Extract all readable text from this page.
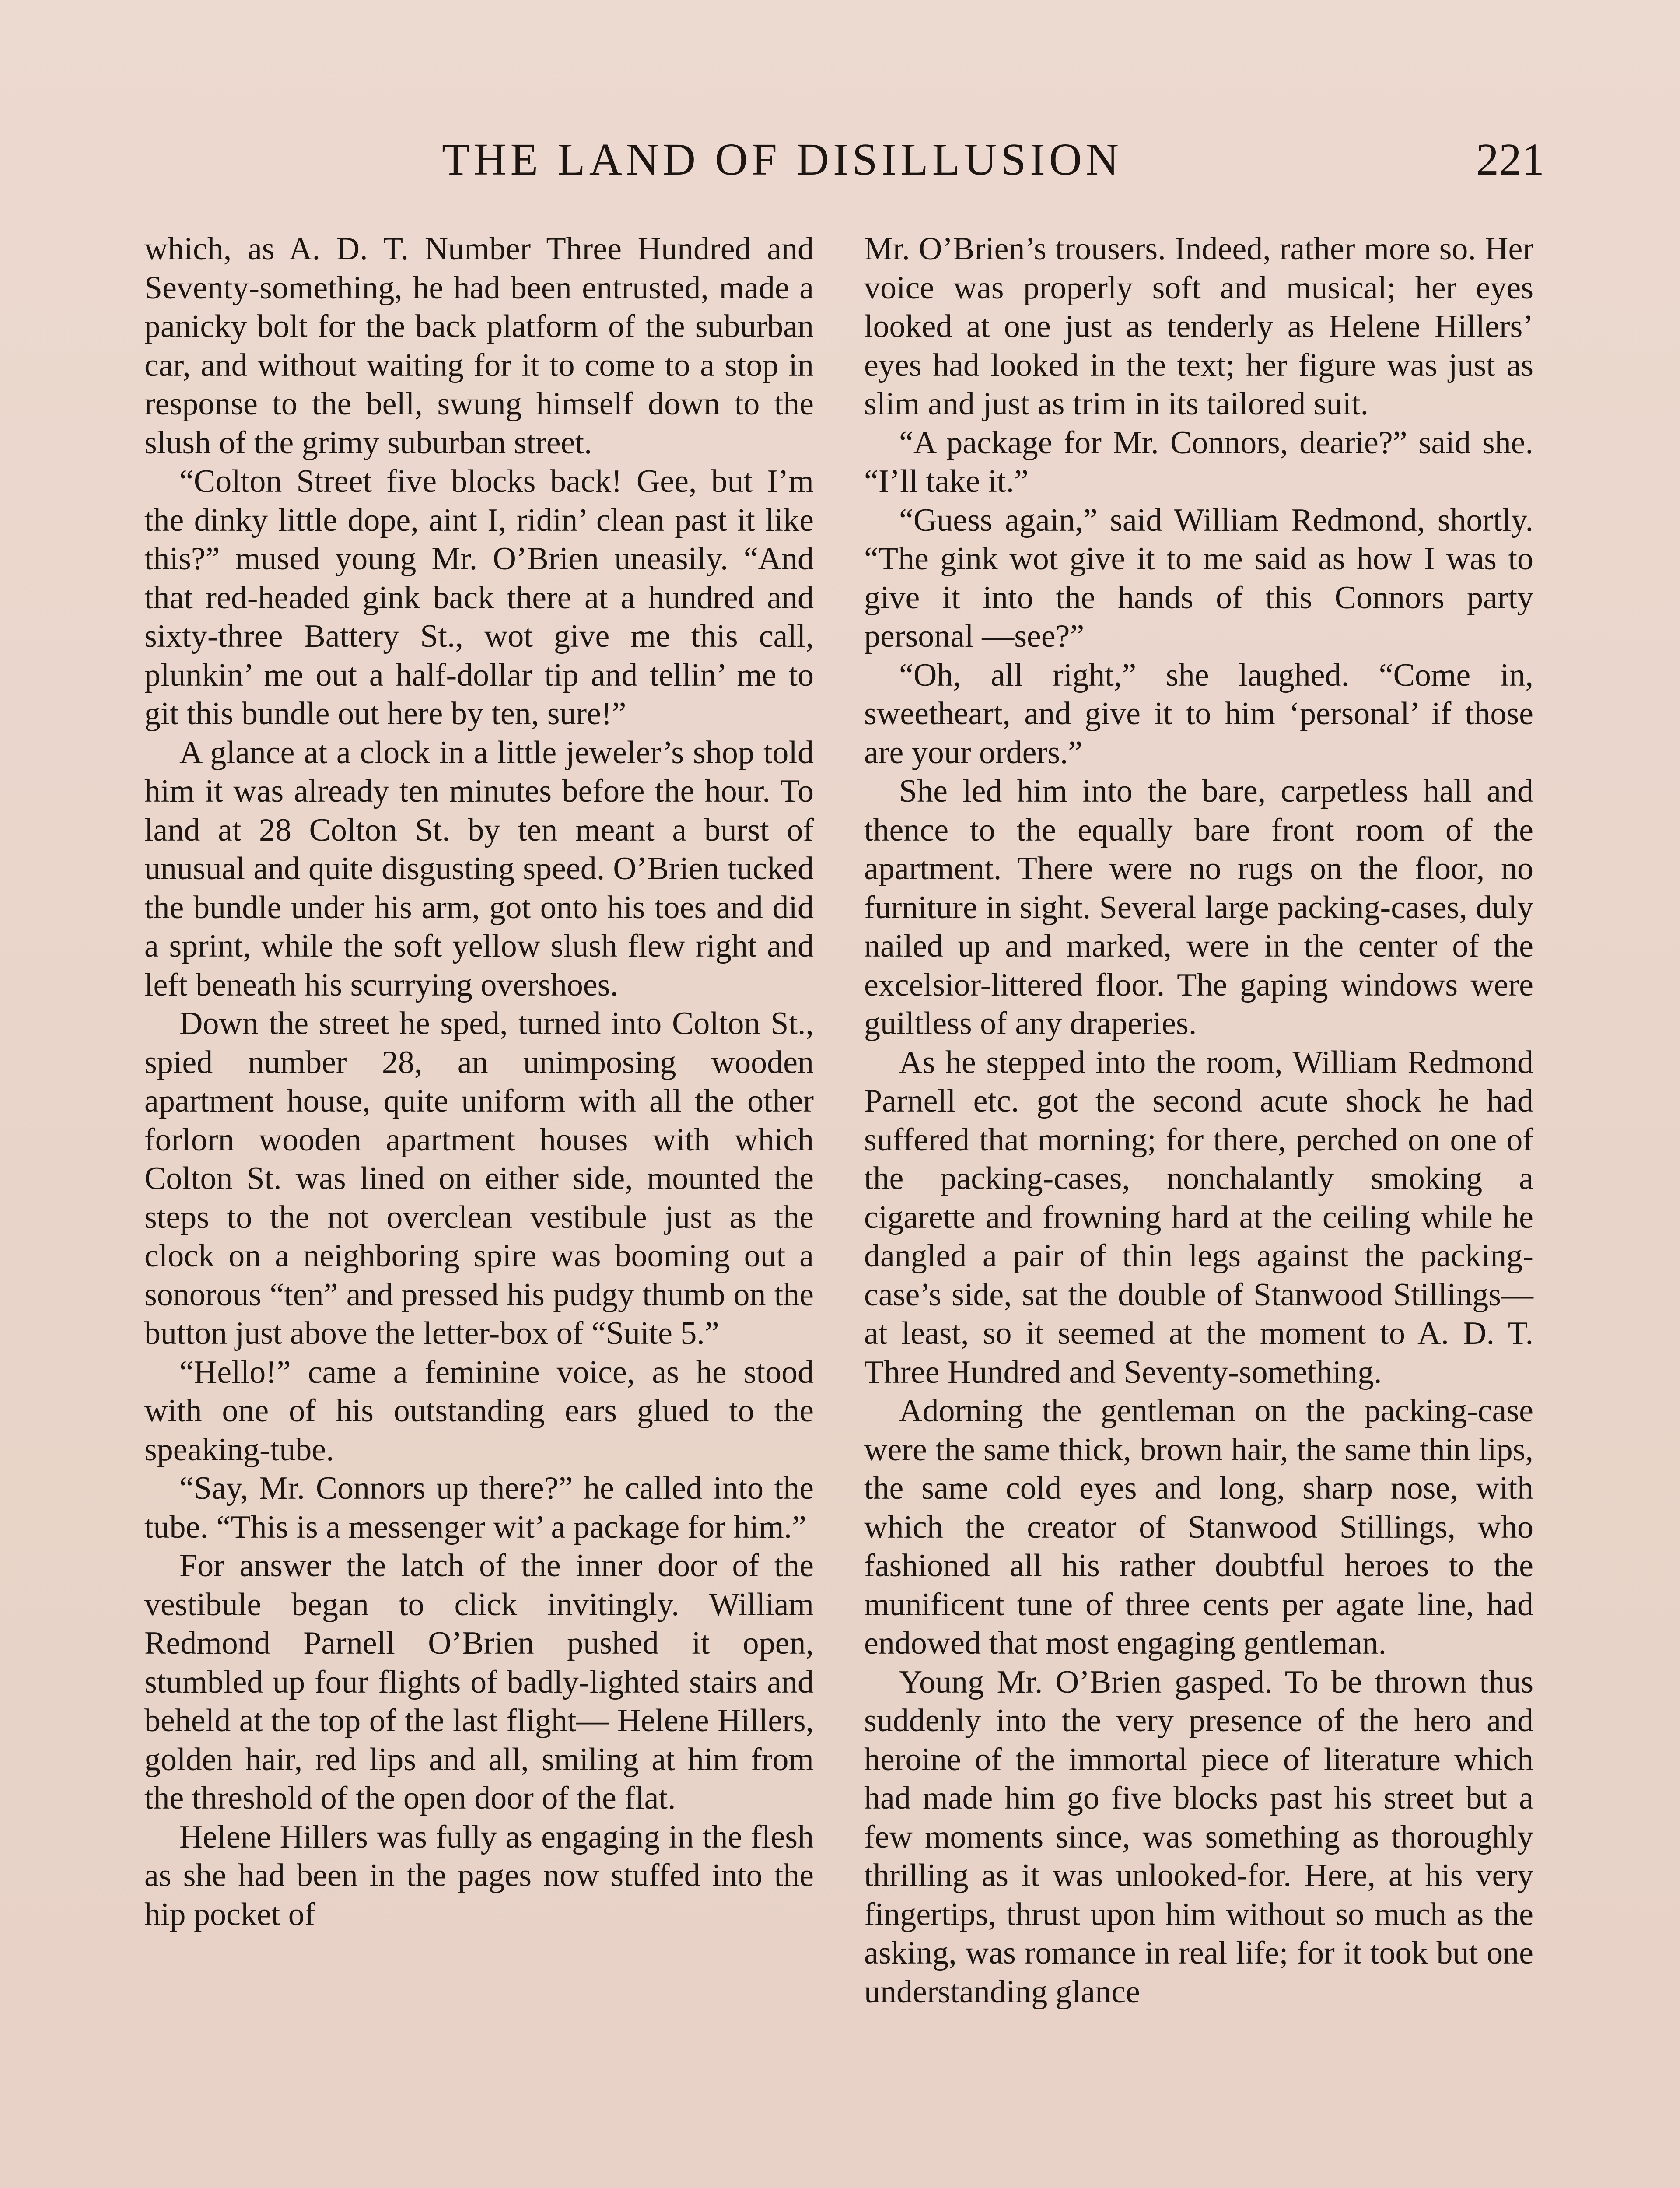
THE LAND OF DISILLUSION	221

which, as A. D. T. Number Three Hundred and Seventy-something, he had been entrusted, made a panicky bolt for the back platform of the suburban car, and without waiting for it to come to a stop in response to the bell, swung himself down to the slush of the grimy suburban street.

“Colton Street five blocks back! Gee, but I’m the dinky little dope, aint I, ridin’ clean past it like this?” mused young Mr. O’Brien uneasily. “And that red-headed gink back there at a hundred and sixty-three Battery St., wot give me this call, plunkin’ me out a half-dollar tip and tellin’ me to git this bundle out here by ten, sure!”

A glance at a clock in a little jeweler’s shop told him it was already ten minutes before the hour. To land at 28 Colton St. by ten meant a burst of unusual and quite disgusting speed. O’Brien tucked the bundle under his arm, got onto his toes and did a sprint, while the soft yellow slush flew right and left beneath his scurrying overshoes.

Down the street he sped, turned into Colton St., spied number 28, an unimposing wooden apartment house, quite uniform with all the other forlorn wooden apartment houses with which Colton St. was lined on either side, mounted the steps to the not overclean vestibule just as the clock on a neighboring spire was booming out a sonorous “ten” and pressed his pudgy thumb on the button just above the letter-box of “Suite 5.”

“Hello!” came a feminine voice, as he stood with one of his outstanding ears glued to the speaking-tube.

“Say, Mr. Connors up there?” he called into the tube. “This is a messenger wit’ a package for him.”

For answer the latch of the inner door of the vestibule began to click invitingly. William Redmond Parnell O’Brien pushed it open, stumbled up four flights of badly-lighted stairs and beheld at the top of the last flight— Helene Hillers, golden hair, red lips and all, smiling at him from the threshold of the open door of the flat.

Helene Hillers was fully as engaging in the flesh as she had been in the pages now stuffed into the hip pocket of

Mr. O’Brien’s trousers. Indeed, rather more so. Her voice was properly soft and musical; her eyes looked at one just as tenderly as Helene Hillers’ eyes had looked in the text; her figure was just as slim and just as trim in its tailored suit.

“A package for Mr. Connors, dearie?” said she. “I’ll take it.”

“Guess again,” said William Redmond, shortly. “The gink wot give it to me said as how I was to give it into the hands of this Connors party personal —see?”

“Oh, all right,” she laughed. “Come in, sweetheart, and give it to him ‘personal’ if those are your orders.”

She led him into the bare, carpetless hall and thence to the equally bare front room of the apartment. There were no rugs on the floor, no furniture in sight. Several large packing-cases, duly nailed up and marked, were in the center of the excelsior-littered floor. The gaping windows were guiltless of any draperies.

As he stepped into the room, William Redmond Parnell etc. got the second acute shock he had suffered that morning; for there, perched on one of the packing-cases, nonchalantly smoking a cigarette and frowning hard at the ceiling while he dangled a pair of thin legs against the packing-case’s side, sat the double of Stanwood Stillings—at least, so it seemed at the moment to A. D. T. Three Hundred and Seventy-something.

Adorning the gentleman on the packing-case were the same thick, brown hair, the same thin lips, the same cold eyes and long, sharp nose, with which the creator of Stanwood Stillings, who fashioned all his rather doubtful heroes to the munificent tune of three cents per agate line, had endowed that most engaging gentleman.

Young Mr. O’Brien gasped. To be thrown thus suddenly into the very presence of the hero and heroine of the immortal piece of literature which had made him go five blocks past his street but a few moments since, was something as thoroughly thrilling as it was unlooked-for. Here, at his very fingertips, thrust upon him without so much as the asking, was romance in real life; for it took but one understanding glance
